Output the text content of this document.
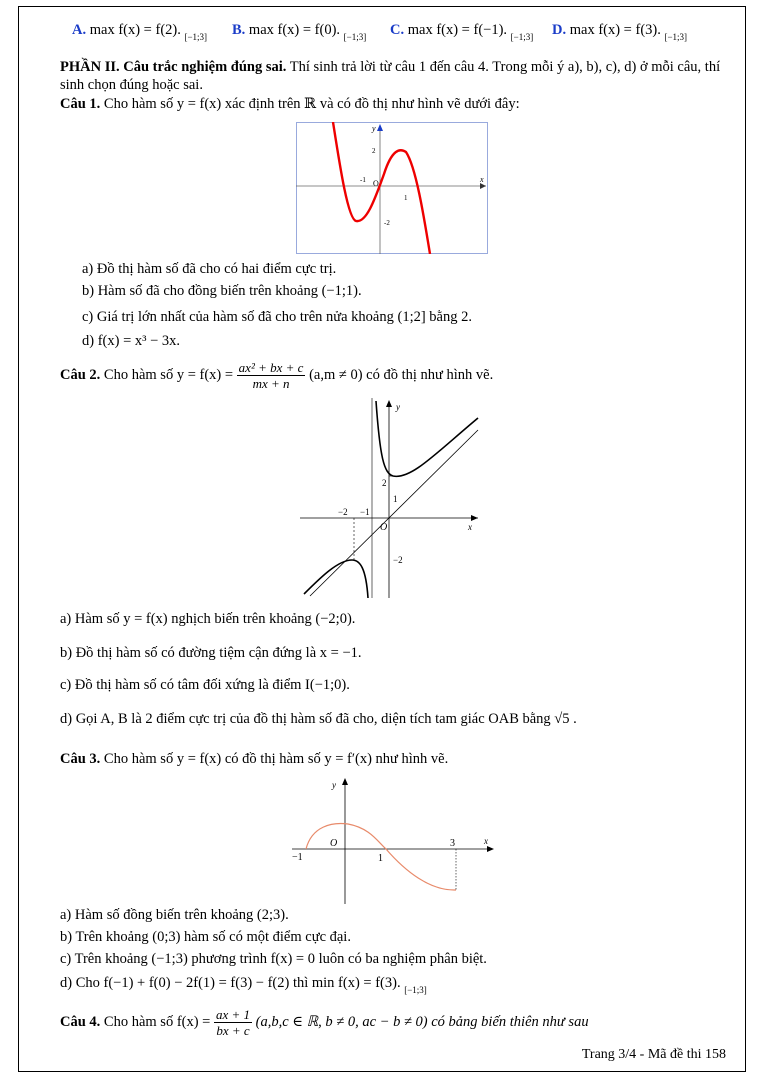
A. max f(x) = f(2). $_{[-1;3]}$ B. max f(x) = f(0). $_{[-1;3]}$ C. max f(x) = f(−1). $_{[-1;3]}$ D. max f(x) = f(3). $_{[-1;3]}$
PHẦN II. Câu trắc nghiệm đúng sai. Thí sinh trả lời từ câu 1 đến câu 4. Trong mỗi ý a), b), c), d) ở mỗi câu, thí sinh chọn đúng hoặc sai.
Câu 1. Cho hàm số y = f(x) xác định trên ℝ và có đồ thị như hình vẽ dưới đây:
y
x
O
-1
1
2
-2
a) Đồ thị hàm số đã cho có hai điểm cực trị.
b) Hàm số đã cho đồng biến trên khoảng (−1;1).
c) Giá trị lớn nhất của hàm số đã cho trên nửa khoảng (1;2] bằng 2.
d) f(x) = x³ − 3x.
Câu 2. Cho hàm số $y = f(x) = \frac{\text{ax² + bx + c}}{mx + n} (a,m \ne 0)$ có đồ thị như hình vẽ.
y
x
O
−2 −1
2
1
−2
a) Hàm số y = f(x) nghịch biến trên khoảng (−2;0).
b) Đồ thị hàm số có đường tiệm cận đứng là x = −1.
c) Đồ thị hàm số có tâm đối xứng là điểm I(−1;0).
d) Gọi A, B là 2 điểm cực trị của đồ thị hàm số đã cho, diện tích tam giác OAB bằng √5 .
Câu 3. Cho hàm số y = f(x) có đồ thị hàm số y = f′(x) như hình vẽ.
y
x
O
−1	1
3
a) Hàm số đồng biến trên khoảng (2;3).
b) Trên khoảng (0;3) hàm số có một điểm cực đại.
c) Trên khoảng (−1;3) phương trình f(x) = 0 luôn có ba nghiệm phân biệt.
d) Cho f(−1) + f(0) − 2f(1) = f(3) − f(2) thì min f(x) = f(3). $_{[-1;3]}$
Câu 4. Cho hàm số $f(x) = \frac{ax + 1}{bx + c} (a,b,c$ ∈ ℝ, b ≠ 0, ac − b ≠ 0) có bảng biến thiên như sau
Trang 3/4 - Mã đề thi 158
